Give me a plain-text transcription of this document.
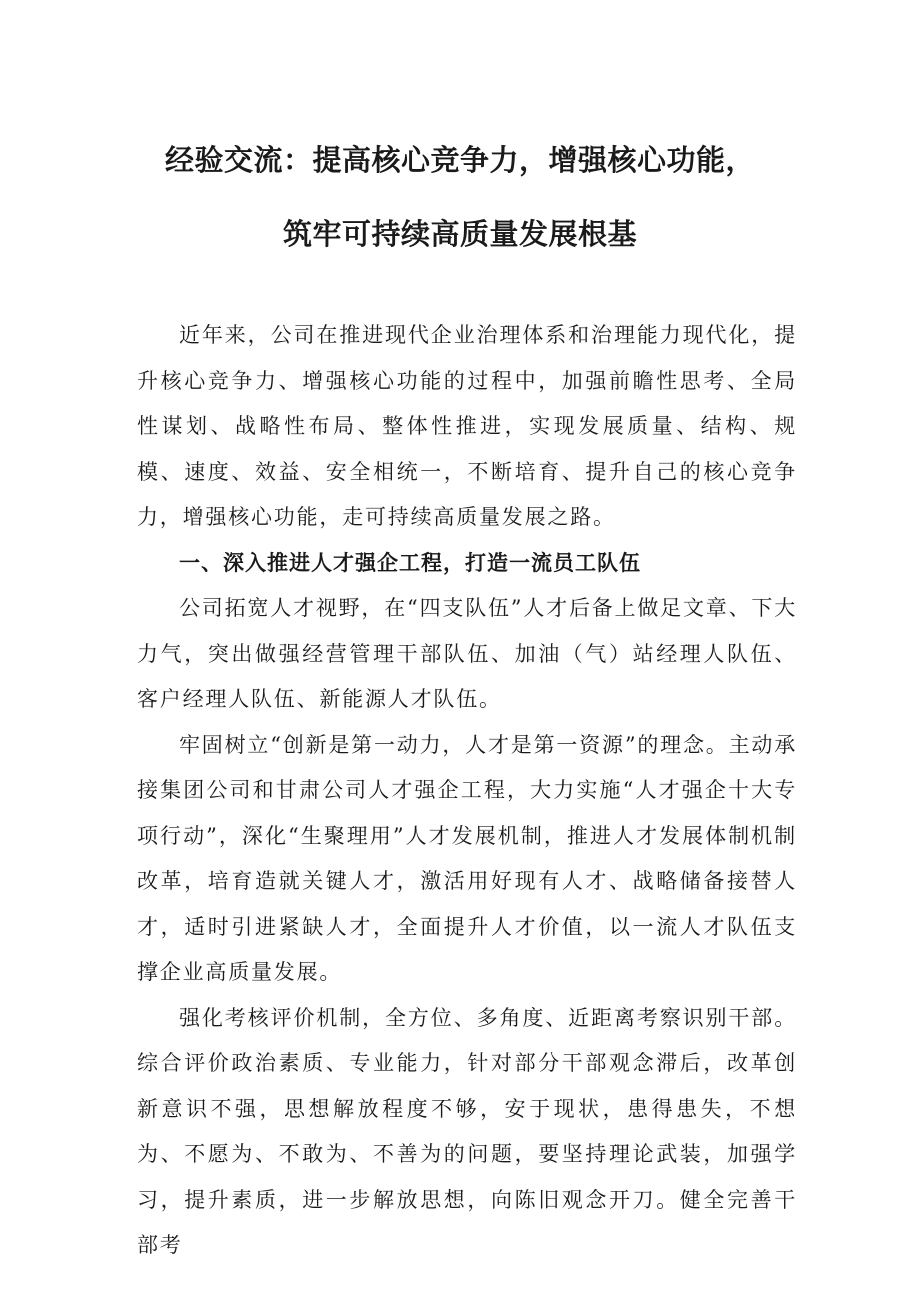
经验交流：提高核心竞争力，增强核心功能，
筑牢可持续高质量发展根基

近年来，公司在推进现代企业治理体系和治理能力现代化，提升核心竞争力、增强核心功能的过程中，加强前瞻性思考、全局性谋划、战略性布局、整体性推进，实现发展质量、结构、规模、速度、效益、安全相统一，不断培育、提升自己的核心竞争力，增强核心功能，走可持续高质量发展之路。

一、深入推进人才强企工程，打造一流员工队伍

公司拓宽人才视野，在“四支队伍”人才后备上做足文章、下大力气，突出做强经营管理干部队伍、加油（气）站经理人队伍、客户经理人队伍、新能源人才队伍。

牢固树立“创新是第一动力，人才是第一资源”的理念。主动承接集团公司和甘肃公司人才强企工程，大力实施“人才强企十大专项行动”，深化“生聚理用”人才发展机制，推进人才发展体制机制改革，培育造就关键人才，激活用好现有人才、战略储备接替人才，适时引进紧缺人才，全面提升人才价值，以一流人才队伍支撑企业高质量发展。

强化考核评价机制，全方位、多角度、近距离考察识别干部。综合评价政治素质、专业能力，针对部分干部观念滞后，改革创新意识不强，思想解放程度不够，安于现状，患得患失，不想为、不愿为、不敢为、不善为的问题，要坚持理论武装，加强学习，提升素质，进一步解放思想，向陈旧观念开刀。健全完善干部考
